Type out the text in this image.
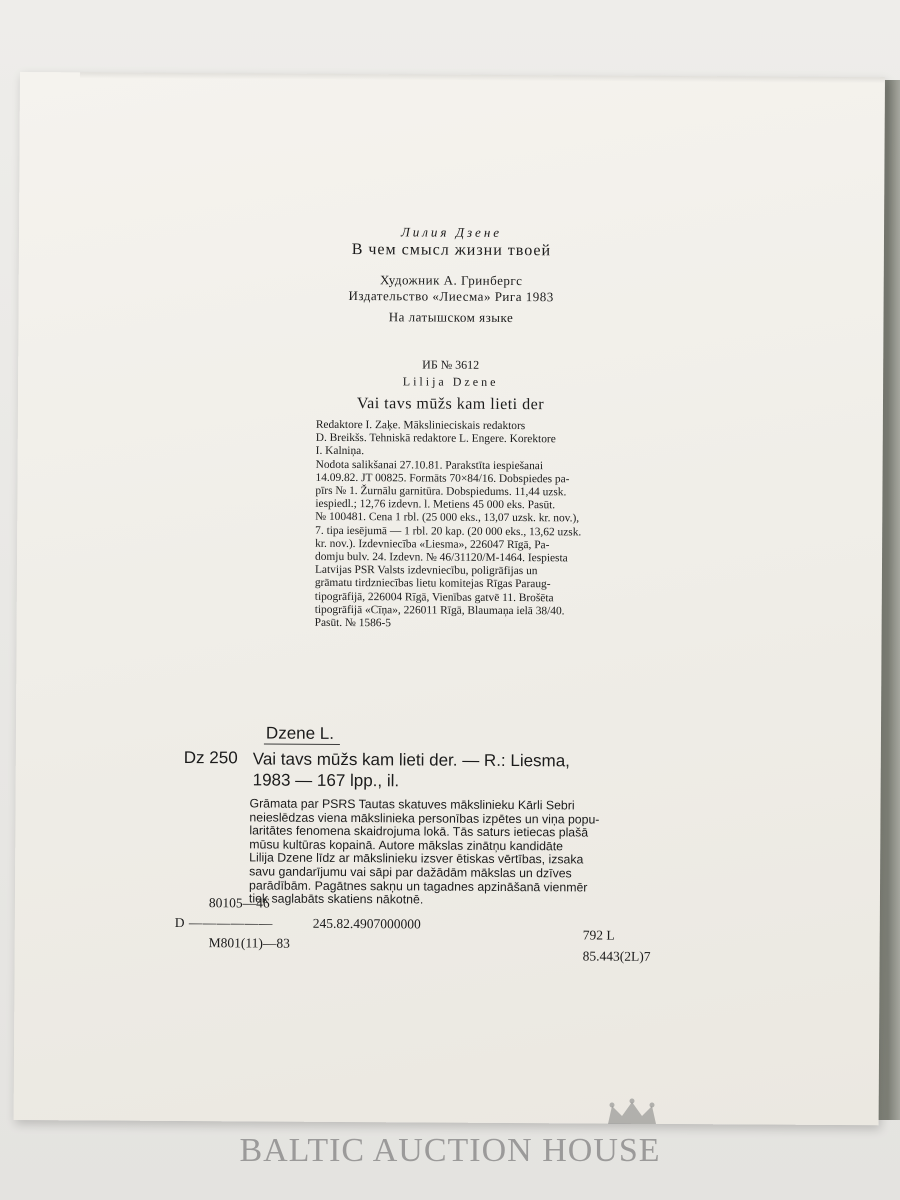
Лилия Дзене
В чем смысл жизни твоей
Художник А. Гринбергс
Издательство «Лиесма» Рига 1983
На латышском языке
ИБ № 3612
Lilija Dzene
Vai tavs mūžs kam lieti der
Redaktore I. Zaķe. Mākslinieciskais redaktors
D. Breikšs. Tehniskā redaktore L. Engere. Korektore
I. Kalniņa.
Nodota salikšanai 27.10.81. Parakstīta iespiešanai
14.09.82. JT 00825. Formāts 70×84/16. Dobspiedes pa-
pīrs № 1. Žurnālu garnitūra. Dobspiedums. 11,44 uzsk.
iespiedl.; 12,76 izdevn. l. Metiens 45 000 eks. Pasūt.
№ 100481. Cena 1 rbl. (25 000 eks., 13,07 uzsk. kr. nov.),
7. tipa iesējumā — 1 rbl. 20 kap. (20 000 eks., 13,62 uzsk.
kr. nov.). Izdevniecība «Liesma», 226047 Rīgā, Pa-
domju bulv. 24. Izdevn. № 46/31120/M-1464. Iespiesta
Latvijas PSR Valsts izdevniecību, poligrāfijas un
grāmatu tirdzniecības lietu komitejas Rīgas Paraug-
tipogrāfijā, 226004 Rīgā, Vienības gatvē 11. Brošēta
tipogrāfijā «Cīņa», 226011 Rīgā, Blaumaņa ielā 38/40.
Pasūt. № 1586-5
Dzene L.
Dz 250 Vai tavs mūžs kam lieti der. — R.: Liesma,
1983 — 167 lpp., il.
Grāmata par PSRS Tautas skatuves mākslinieku Kārli Sebri
neieslēdzas viena mākslinieka personības izpētes un viņa popu-
laritātes fenomena skaidrojuma lokā. Tās saturs ietiecas plašā
mūsu kultūras kopainā. Autore mākslas zinātņu kandidāte
Lilija Dzene līdz ar mākslinieku izsver ētiskas vērtības, izsaka
savu gandarījumu vai sāpi par dažādām mākslas un dzīves
parādībām. Pagātnes sakņu un tagadnes apzināšanā vienmēr
tiek saglabāts skatiens nākotnē.
80105—46
D ——————	245.82.4907000000
M801(11)—83
792 L
85.443(2L)7
BALTIC AUCTION HOUSE
